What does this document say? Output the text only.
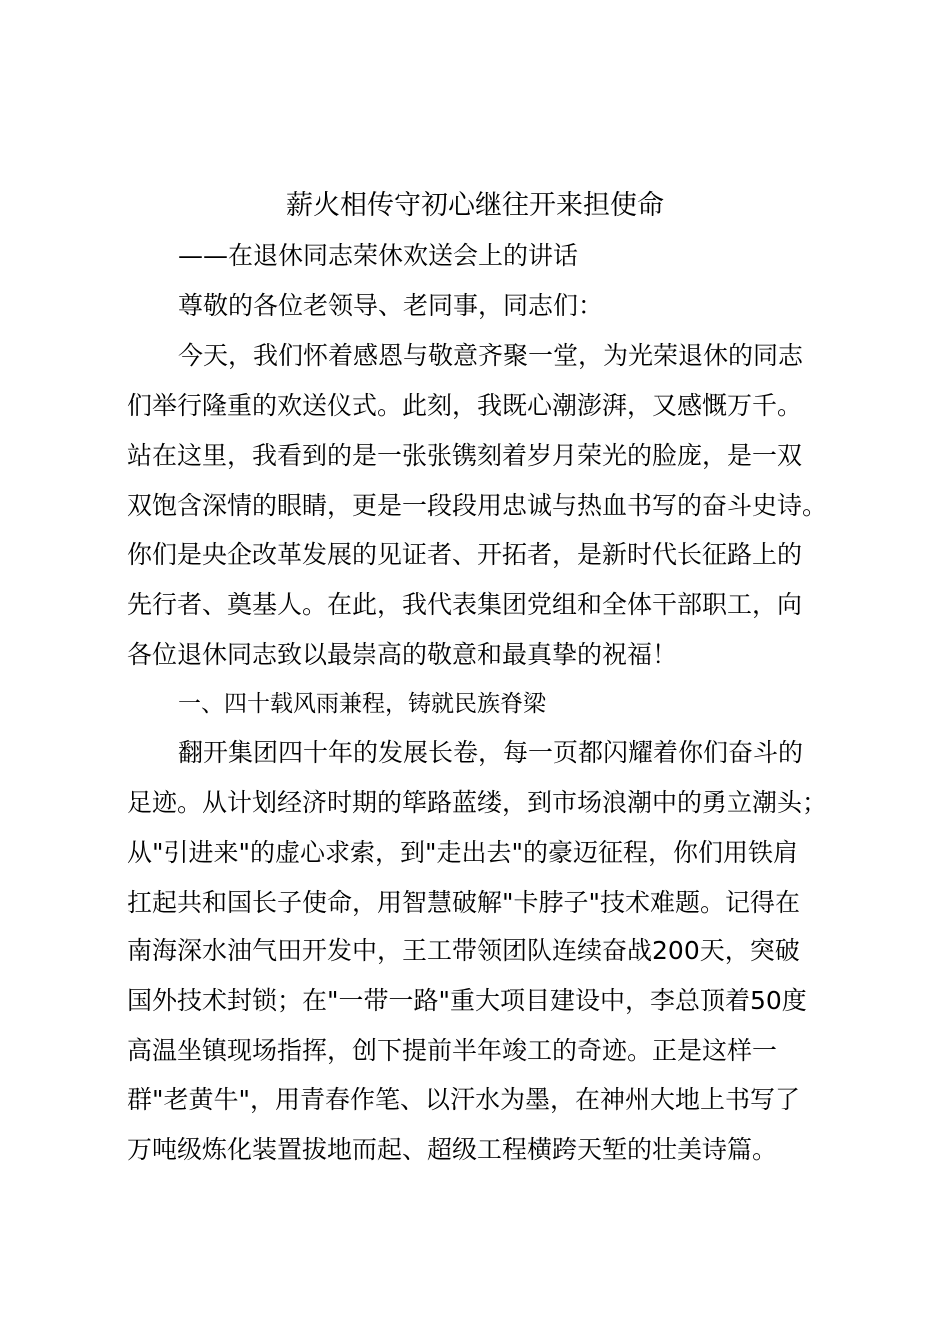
薪火相传守初心继往开来担使命
——在退休同志荣休欢送会上的讲话
尊敬的各位老领导、老同事，同志们：
今天，我们怀着感恩与敬意齐聚一堂，为光荣退休的同志
们举行隆重的欢送仪式。此刻，我既心潮澎湃，又感慨万千。
站在这里，我看到的是一张张镌刻着岁月荣光的脸庞，是一双
双饱含深情的眼睛，更是一段段用忠诚与热血书写的奋斗史诗。
你们是央企改革发展的见证者、开拓者，是新时代长征路上的
先行者、奠基人。在此，我代表集团党组和全体干部职工，向
各位退休同志致以最崇高的敬意和最真挚的祝福！
一、四十载风雨兼程，铸就民族脊梁
翻开集团四十年的发展长卷，每一页都闪耀着你们奋斗的
足迹。从计划经济时期的筚路蓝缕，到市场浪潮中的勇立潮头；
从"引进来"的虚心求索，到"走出去"的豪迈征程，你们用铁肩
扛起共和国长子使命，用智慧破解"卡脖子"技术难题。记得在
南海深水油气田开发中，王工带领团队连续奋战200天，突破
国外技术封锁；在"一带一路"重大项目建设中，李总顶着50度
高温坐镇现场指挥，创下提前半年竣工的奇迹。正是这样一
群"老黄牛"，用青春作笔、以汗水为墨，在神州大地上书写了
万吨级炼化装置拔地而起、超级工程横跨天堑的壮美诗篇。
